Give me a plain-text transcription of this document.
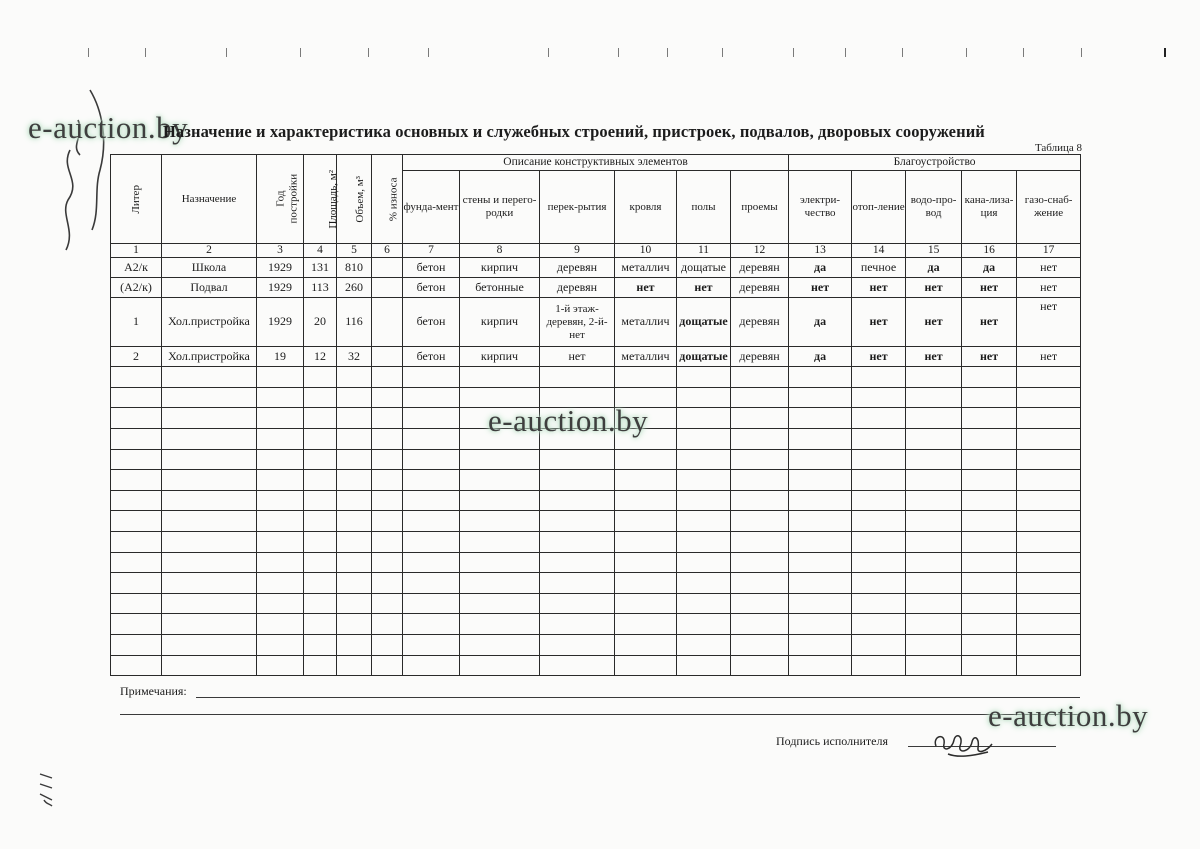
e-auction.by
Назначение и характеристика основных и служебных строений, пристроек, подвалов, дворовых сооружений
Таблица 8
Литер	Назначение	Год постройки	Площадь, м²	Объем, м³	% износа	Описание конструктивных элементов						Благоустройство				
						фунда-мент	стены и перего-родки	перек-рытия	кровля	полы	проемы	электри-чество	отоп-ление	водо-про-вод	кана-лиза-ция	газо-снаб-жение
1	2	3	4	5	6	7	8	9	10	11	12	13	14	15	16	17
А2/к	Школа	1929	131	810		бетон	кирпич	деревян	металлич	дощатые	деревян	да	печное	да	да	нет
(А2/к)	Подвал	1929	113	260		бетон	бетонные	деревян	нет	нет	деревян	нет	нет	нет	нет	нет
1	Хол.пристройка	1929	20	116		бетон	кирпич	1-й этаж-деревян, 2-й-нет	металлич	дощатые	деревян	да	нет	нет	нет	нет
2	Хол.пристройка	19	12	32		бетон	кирпич	нет	металлич	дощатые	деревян	да	нет	нет	нет	нет

e-auction.by
Примечания:
e-auction.by
Подпись исполнителя
